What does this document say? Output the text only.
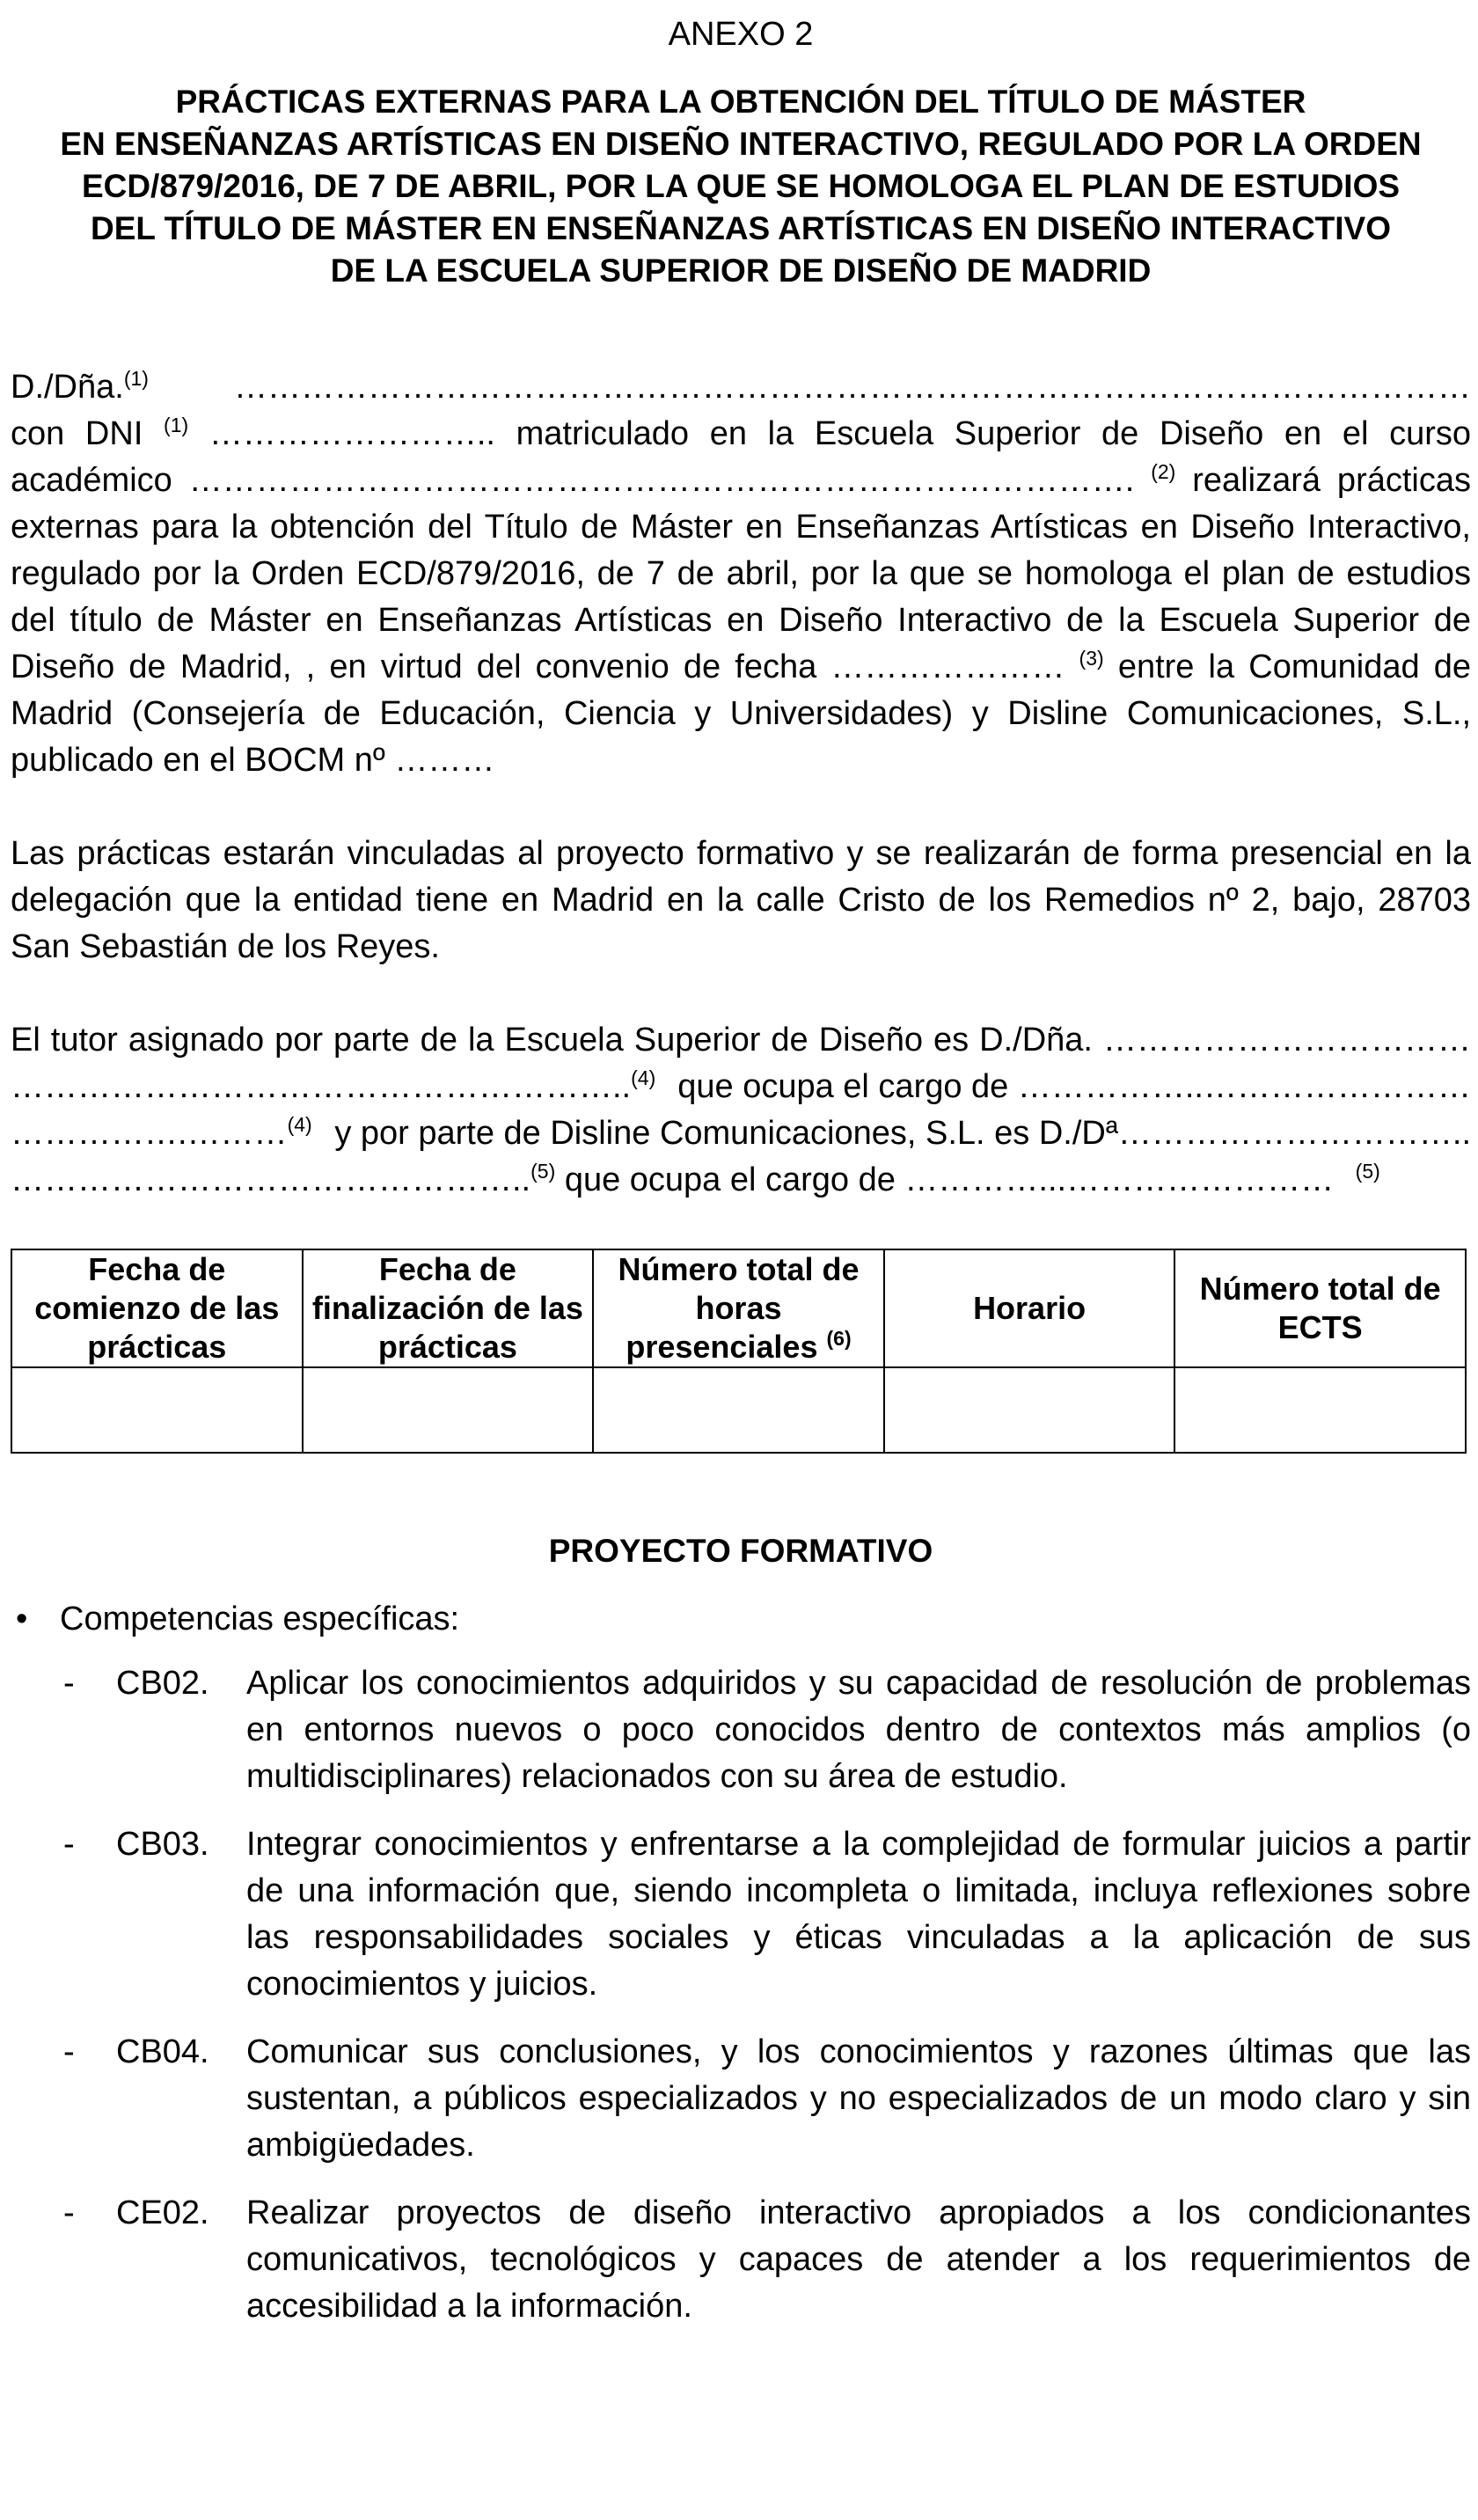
ANEXO 2
PRÁCTICAS EXTERNAS PARA LA OBTENCIÓN DEL TÍTULO DE MÁSTER
EN ENSEÑANZAS ARTÍSTICAS EN DISEÑO INTERACTIVO, REGULADO POR LA ORDEN
ECD/879/2016, DE 7 DE ABRIL, POR LA QUE SE HOMOLOGA EL PLAN DE ESTUDIOS
DEL TÍTULO DE MÁSTER EN ENSEÑANZAS ARTÍSTICAS EN DISEÑO INTERACTIVO
DE LA ESCUELA SUPERIOR DE DISEÑO DE MADRID

D./Dña.$^{(1)}$	…………………………………………………………………………………………………
con DNI $^{(1)}$ …………………….. matriculado en la Escuela Superior de Diseño en el curso académico …………………………………………………………………………. $^{(2)}$ realizará prácticas externas para la obtención del Título de Máster en Enseñanzas Artísticas en Diseño Interactivo, regulado por la Orden ECD/879/2016, de 7 de abril, por la que se homologa el plan de estudios del título de Máster en Enseñanzas Artísticas en Diseño Interactivo de la Escuela Superior de Diseño de Madrid, , en virtud del convenio de fecha ………………… $^{(3)}$ entre la Comunidad de Madrid (Consejería de Educación, Ciencia y Universidades) y Disline Comunicaciones, S.L., publicado en el BOCM nº ………

Las prácticas estarán vinculadas al proyecto formativo y se realizarán de forma presencial en la delegación que la entidad tiene en Madrid en la calle Cristo de los Remedios nº 2, bajo, 28703 San Sebastián de los Reyes.

El tutor asignado por parte de la Escuela Superior de Diseño es D./Dña. ……………………………

………………………………………………..$^{(4)}$ que ocupa el cargo de ……………..……………………

…………….………$^{(4)}$ y por parte de Disline Comunicaciones, S.L. es D./Dª…………………………..

………………………………………..$^{(5)}$ que ocupa el cargo de …………...…………………… $^{(5)}$

Fecha de comienzo de las prácticas	Fecha de finalización de las prácticas	Número total de horas presenciales $^{(6)}$	Horario	Número total de ECTS

PROYECTO FORMATIVO
• Competencias específicas:
-	CB02.	Aplicar los conocimientos adquiridos y su capacidad de resolución de problemas en entornos nuevos o poco conocidos dentro de contextos más amplios (o multidisciplinares) relacionados con su área de estudio.
-	CB03.	Integrar conocimientos y enfrentarse a la complejidad de formular juicios a partir de una información que, siendo incompleta o limitada, incluya reflexiones sobre las responsabilidades sociales y éticas vinculadas a la aplicación de sus conocimientos y juicios.
-	CB04.	Comunicar sus conclusiones, y los conocimientos y razones últimas que las sustentan, a públicos especializados y no especializados de un modo claro y sin ambigüedades.
-	CE02.	Realizar proyectos de diseño interactivo apropiados a los condicionantes comunicativos, tecnológicos y capaces de atender a los requerimientos de accesibilidad a la información.
